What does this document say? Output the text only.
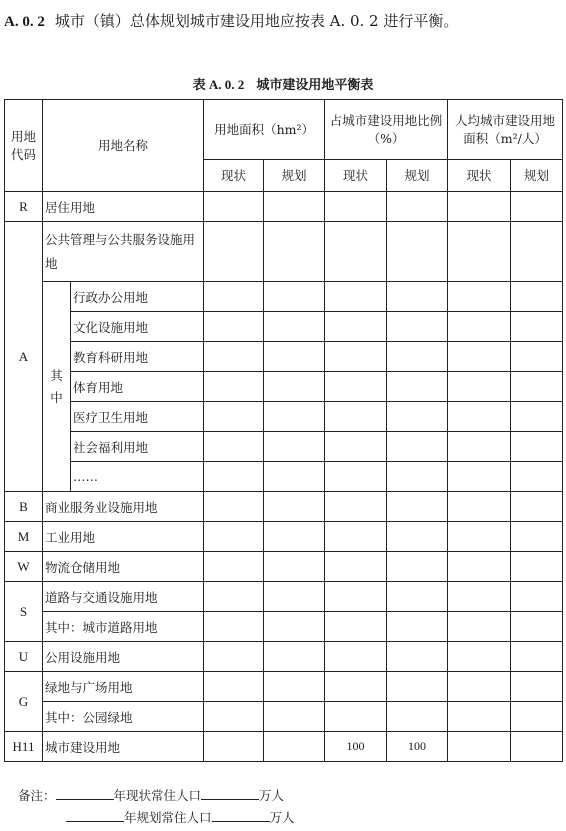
A. 0. 2 城市（镇）总体规划城市建设用地应按表 A. 0. 2 进行平衡。
表 A. 0. 2 城市建设用地平衡表
用地代码	用地名称		用地面积（hm²）		占城市建设用地比例（%）		人均城市建设用地面积（m²/人）	
			现状	规划	现状	规划	现状	规划
R	居住用地							
A	公共管理与公共服务设施用地							
	其中	行政办公用地						
		文化设施用地						
		教育科研用地						
		体育用地						
		医疗卫生用地						
		社会福利用地						
		……						
B	商业服务业设施用地							
M	工业用地							
W	物流仓储用地							
S	道路与交通设施用地							
	其中：城市道路用地							
U	公用设施用地							
G	绿地与广场用地							
	其中：公园绿地							
H11	城市建设用地				100	100		
备注：	年现状常住人口	万人
年规划常住人口	万人
